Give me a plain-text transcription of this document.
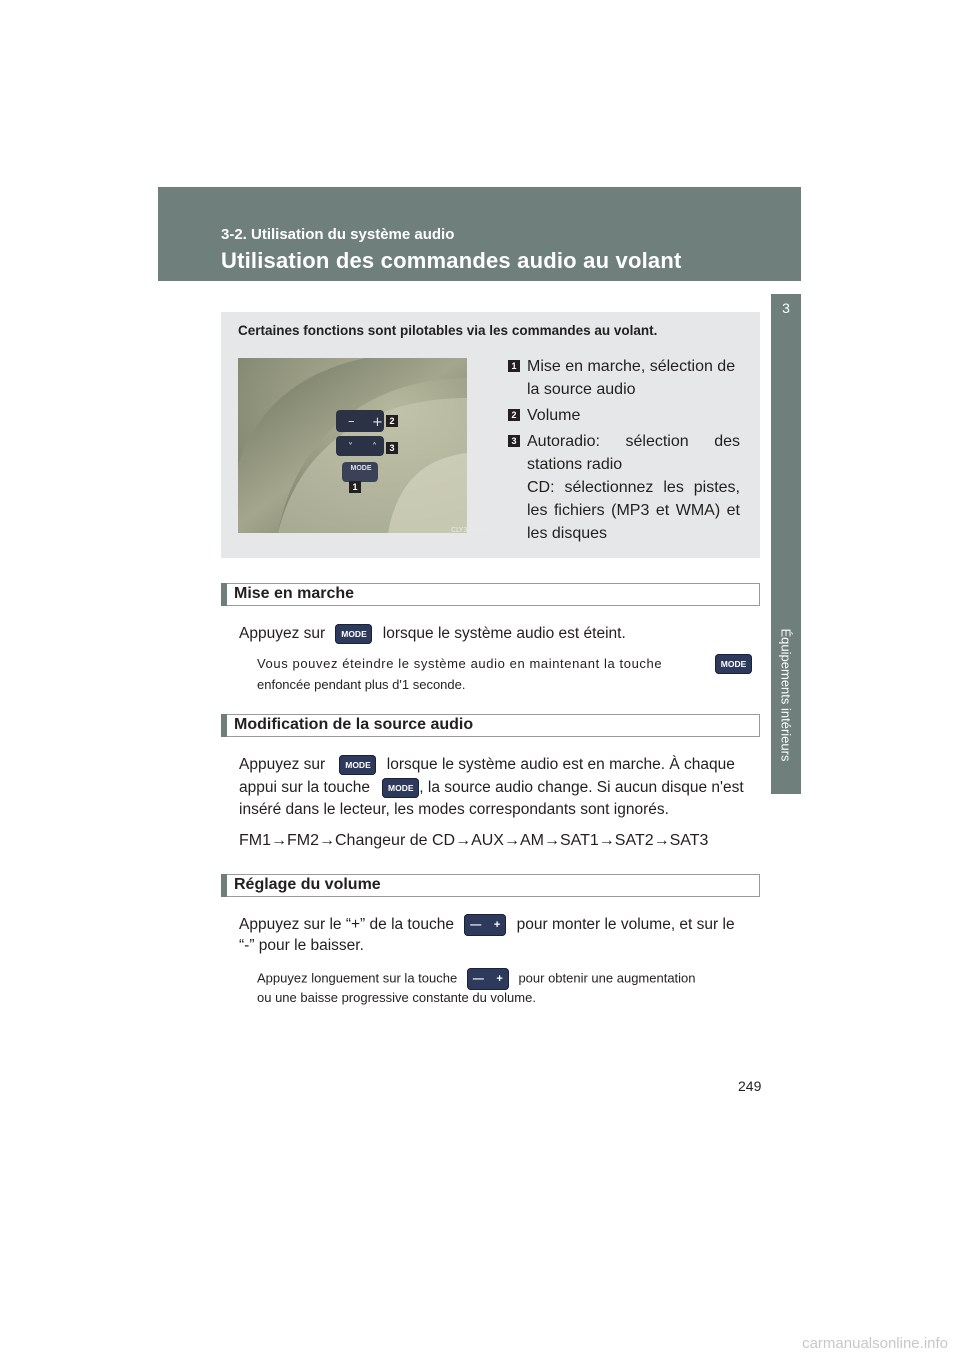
3-2. Utilisation du système audio
Utilisation des commandes audio au volant
3
Équipements intérieurs
Certaines fonctions sont pilotables via les commandes au volant.
– +
˅ ˄
MODE
2
3
1
CLY32AB060
1 Mise en marche, sélection de la source audio
2 Volume
3 Autoradio: sélection des stations radio
CD: sélectionnez les pistes, les fichiers (MP3 et WMA) et les disques
Mise en marche
Appuyez sur MODE lorsque le système audio est éteint.
Vous pouvez éteindre le système audio en maintenant la touche	MODE
enfoncée pendant plus d'1 seconde.
Modification de la source audio
Appuyez sur MODE lorsque le système audio est en marche. À chaque
appui sur la touche MODE , la source audio change. Si aucun disque n'est
inséré dans le lecteur, les modes correspondants sont ignorés.
FM1→FM2→Changeur de CD→AUX→AM→SAT1→SAT2→SAT3
Réglage du volume
Appuyez sur le “+” de la touche — + pour monter le volume, et sur le
“-” pour le baisser.
Appuyez longuement sur la touche — + pour obtenir une augmentation
ou une baisse progressive constante du volume.
249
carmanualsonline.info
